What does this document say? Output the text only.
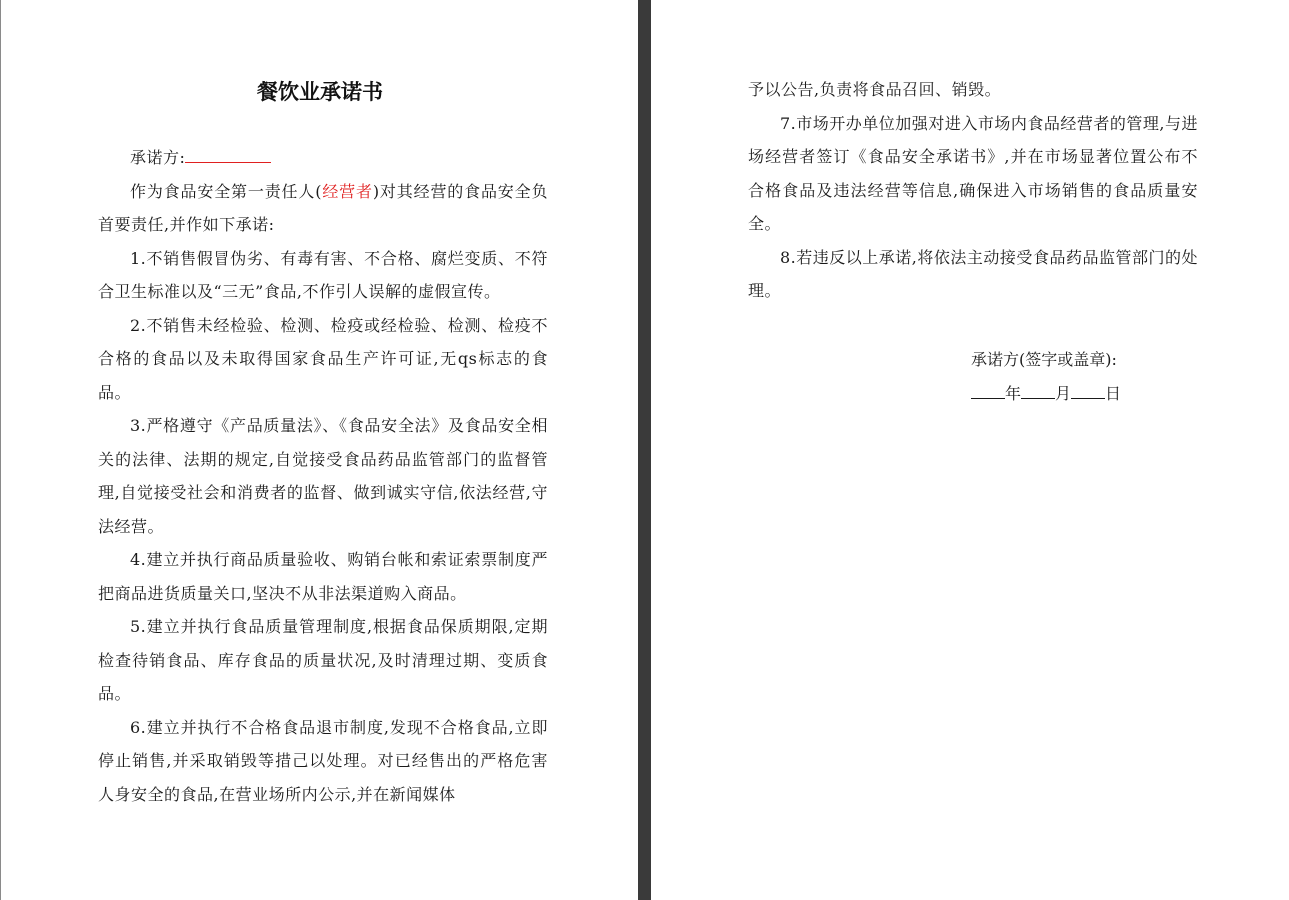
餐饮业承诺书

承诺方:

作为食品安全第一责任人(经营者)对其经营的食品安全负首要责任,并作如下承诺:

1.不销售假冒伪劣、有毒有害、不合格、腐烂变质、不符合卫生标准以及“三无”食品,不作引人误解的虚假宣传。

2.不销售未经检验、检测、检疫或经检验、检测、检疫不合格的食品以及未取得国家食品生产许可证,无qs标志的食品。

3.严格遵守《产品质量法》、《食品安全法》及食品安全相关的法律、法期的规定,自觉接受食品药品监管部门的监督管理,自觉接受社会和消费者的监督、做到诚实守信,依法经营,守法经营。

4.建立并执行商品质量验收、购销台帐和索证索票制度严把商品进货质量关口,坚决不从非法渠道购入商品。

5.建立并执行食品质量管理制度,根据食品保质期限,定期检查待销食品、库存食品的质量状况,及时清理过期、变质食品。

6.建立并执行不合格食品退市制度,发现不合格食品,立即停止销售,并采取销毁等措己以处理。对已经售出的严格危害人身安全的食品,在营业场所内公示,并在新闻媒体

予以公告,负责将食品召回、销毁。

7.市场开办单位加强对进入市场内食品经营者的管理,与进场经营者签订《食品安全承诺书》,并在市场显著位置公布不合格食品及违法经营等信息,确保进入市场销售的食品质量安全。

8.若违反以上承诺,将依法主动接受食品药品监管部门的处理。

承诺方(签字或盖章):
年 月 日
